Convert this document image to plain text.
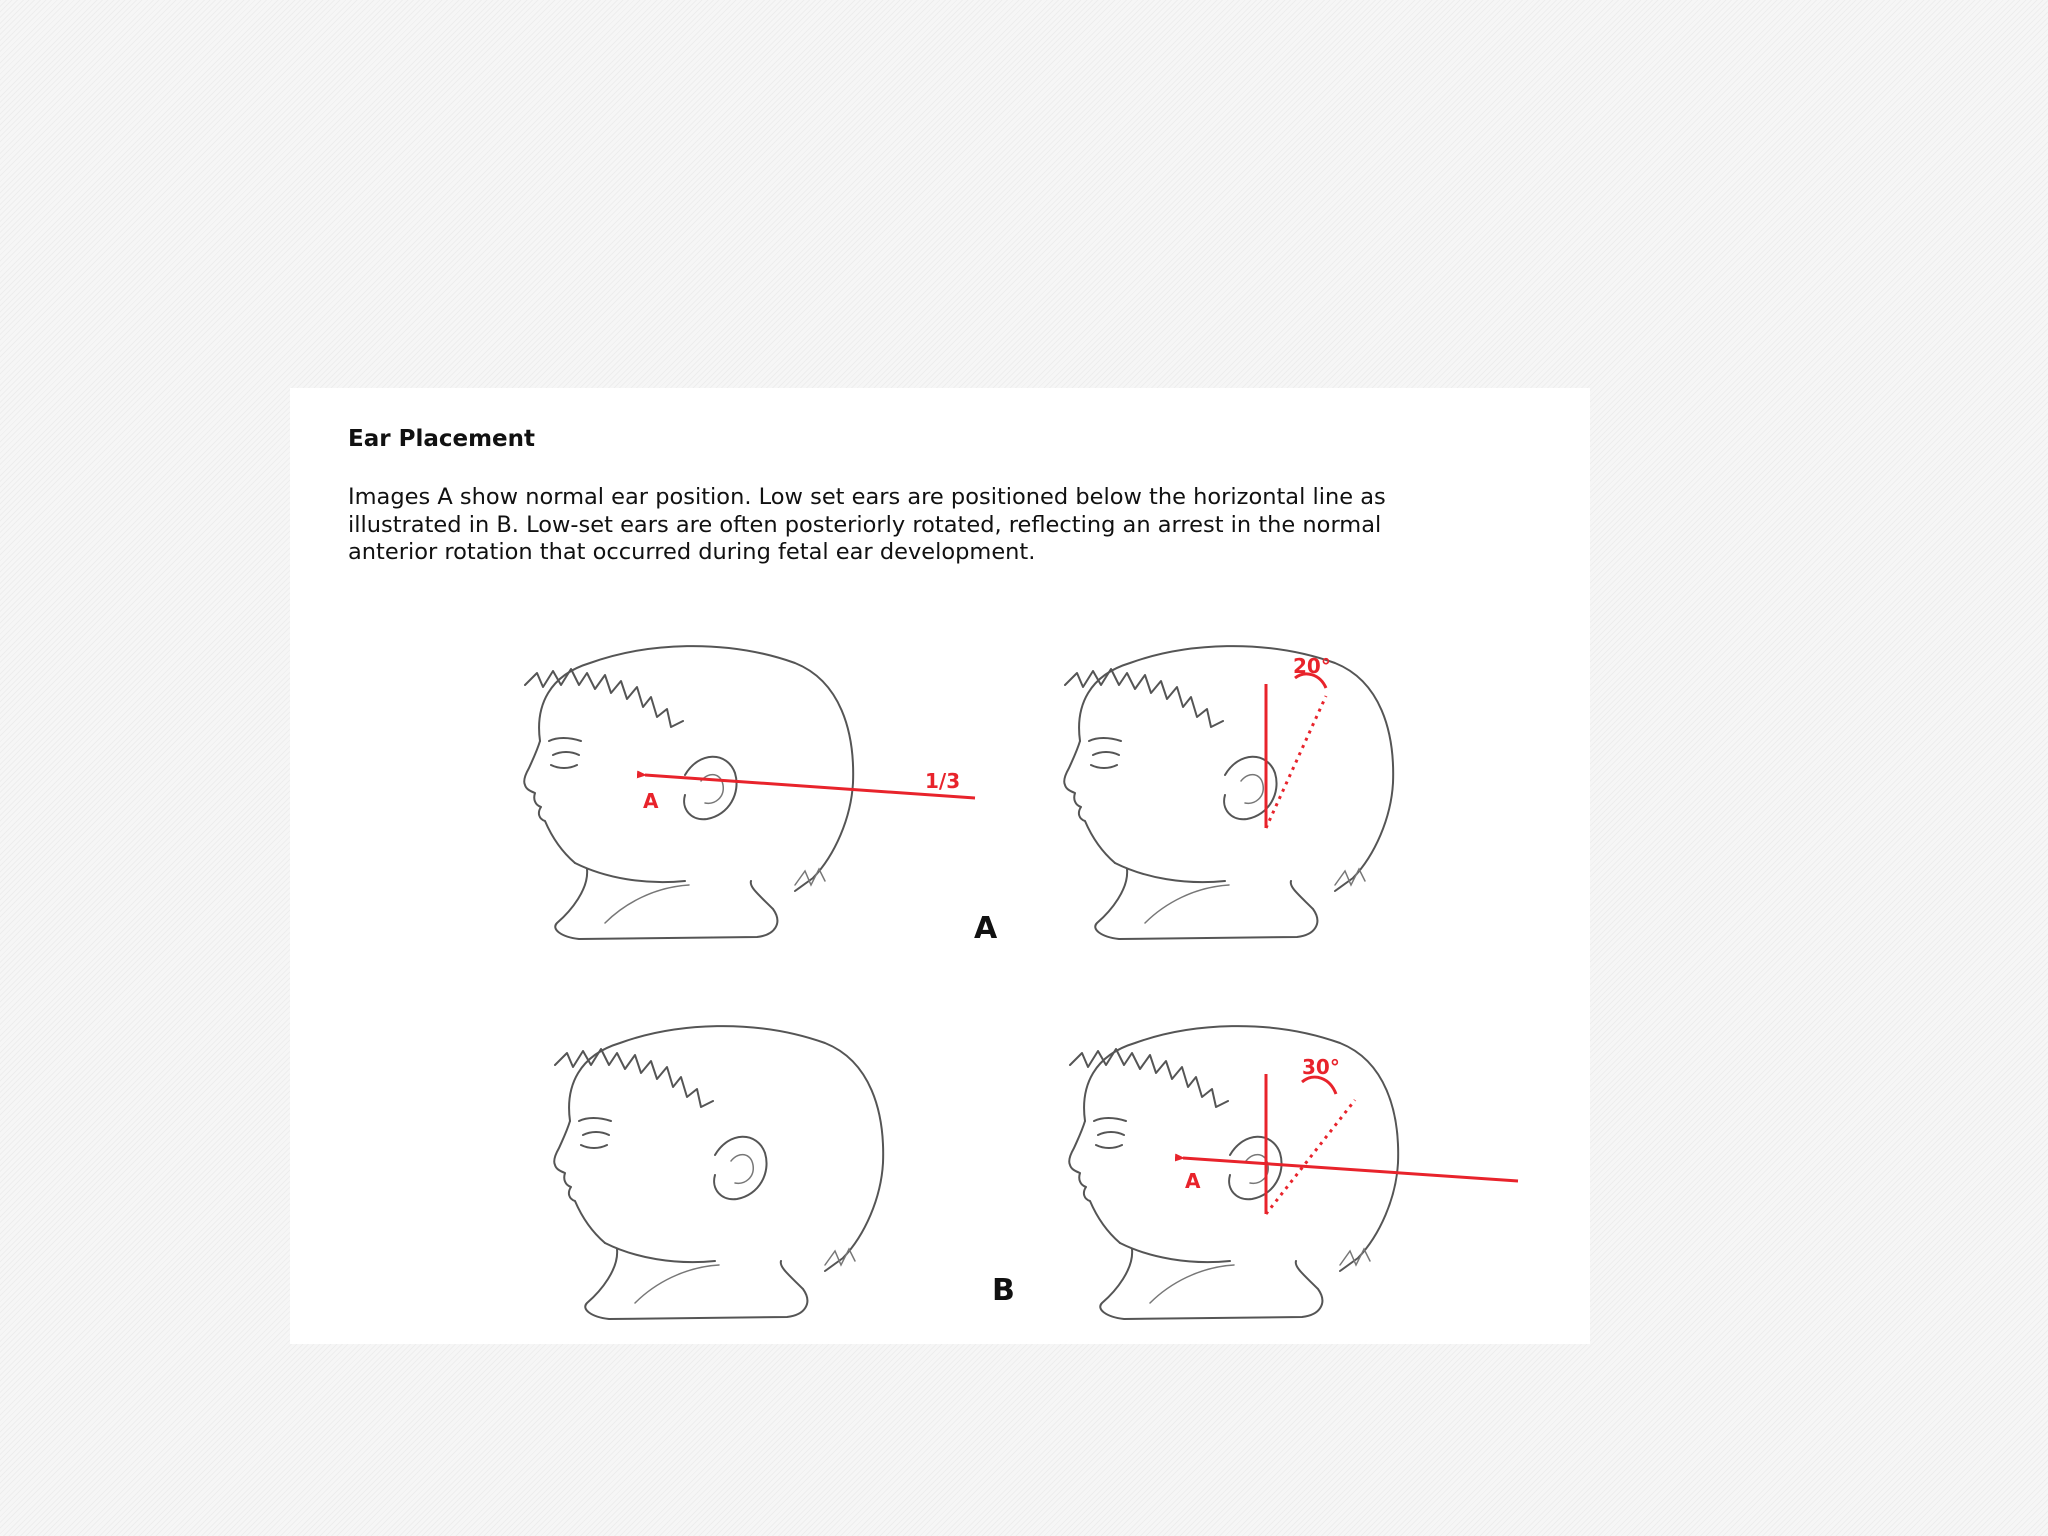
Ear Placement
Images A show normal ear position. Low set ears are positioned below the horizontal line as illustrated in B. Low-set ears are often posteriorly rotated, reflecting an arrest in the normal anterior rotation that occurred during fetal ear development.
A
1/3
20°
A
A
30°
B
